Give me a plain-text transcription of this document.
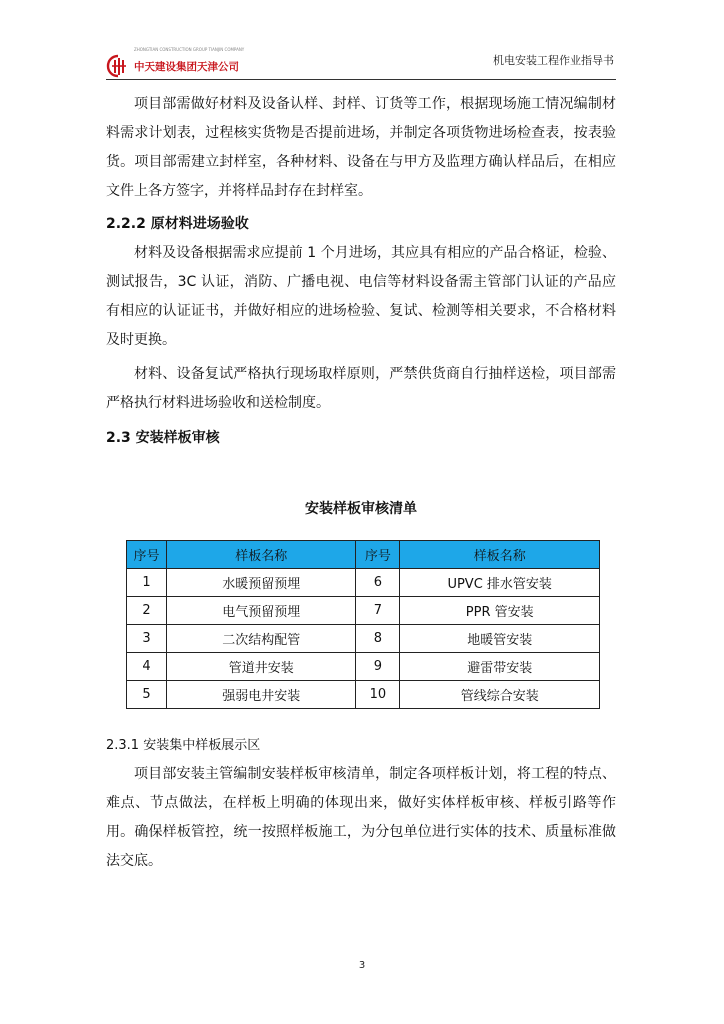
中天建设集团天津公司
ZHONGTIAN CONSTRUCTION GROUP TIANJIN COMPANY
机电安装工程作业指导书

项目部需做好材料及设备认样、封样、订货等工作，根据现场施工情况编制材料需求计划表，过程核实货物是否提前进场，并制定各项货物进场检查表，按表验货。项目部需建立封样室，各种材料、设备在与甲方及监理方确认样品后，在相应文件上各方签字，并将样品封存在封样室。

2.2.2 原材料进场验收

材料及设备根据需求应提前 1 个月进场，其应具有相应的产品合格证，检验、测试报告，3C 认证，消防、广播电视、电信等材料设备需主管部门认证的产品应有相应的认证证书，并做好相应的进场检验、复试、检测等相关要求，不合格材料及时更换。

材料、设备复试严格执行现场取样原则，严禁供货商自行抽样送检，项目部需严格执行材料进场验收和送检制度。

2.3 安装样板审核
安装样板审核清单
序号	样板名称	序号	样板名称
1	水暖预留预埋	6	UPVC 排水管安装
2	电气预留预埋	7	PPR 管安装
3	二次结构配管	8	地暖管安装
4	管道井安装	9	避雷带安装
5	强弱电井安装	10	管线综合安装
2.3.1 安装集中样板展示区

项目部安装主管编制安装样板审核清单，制定各项样板计划，将工程的特点、难点、节点做法，在样板上明确的体现出来，做好实体样板审核、样板引路等作用。确保样板管控，统一按照样板施工，为分包单位进行实体的技术、质量标准做法交底。

3
